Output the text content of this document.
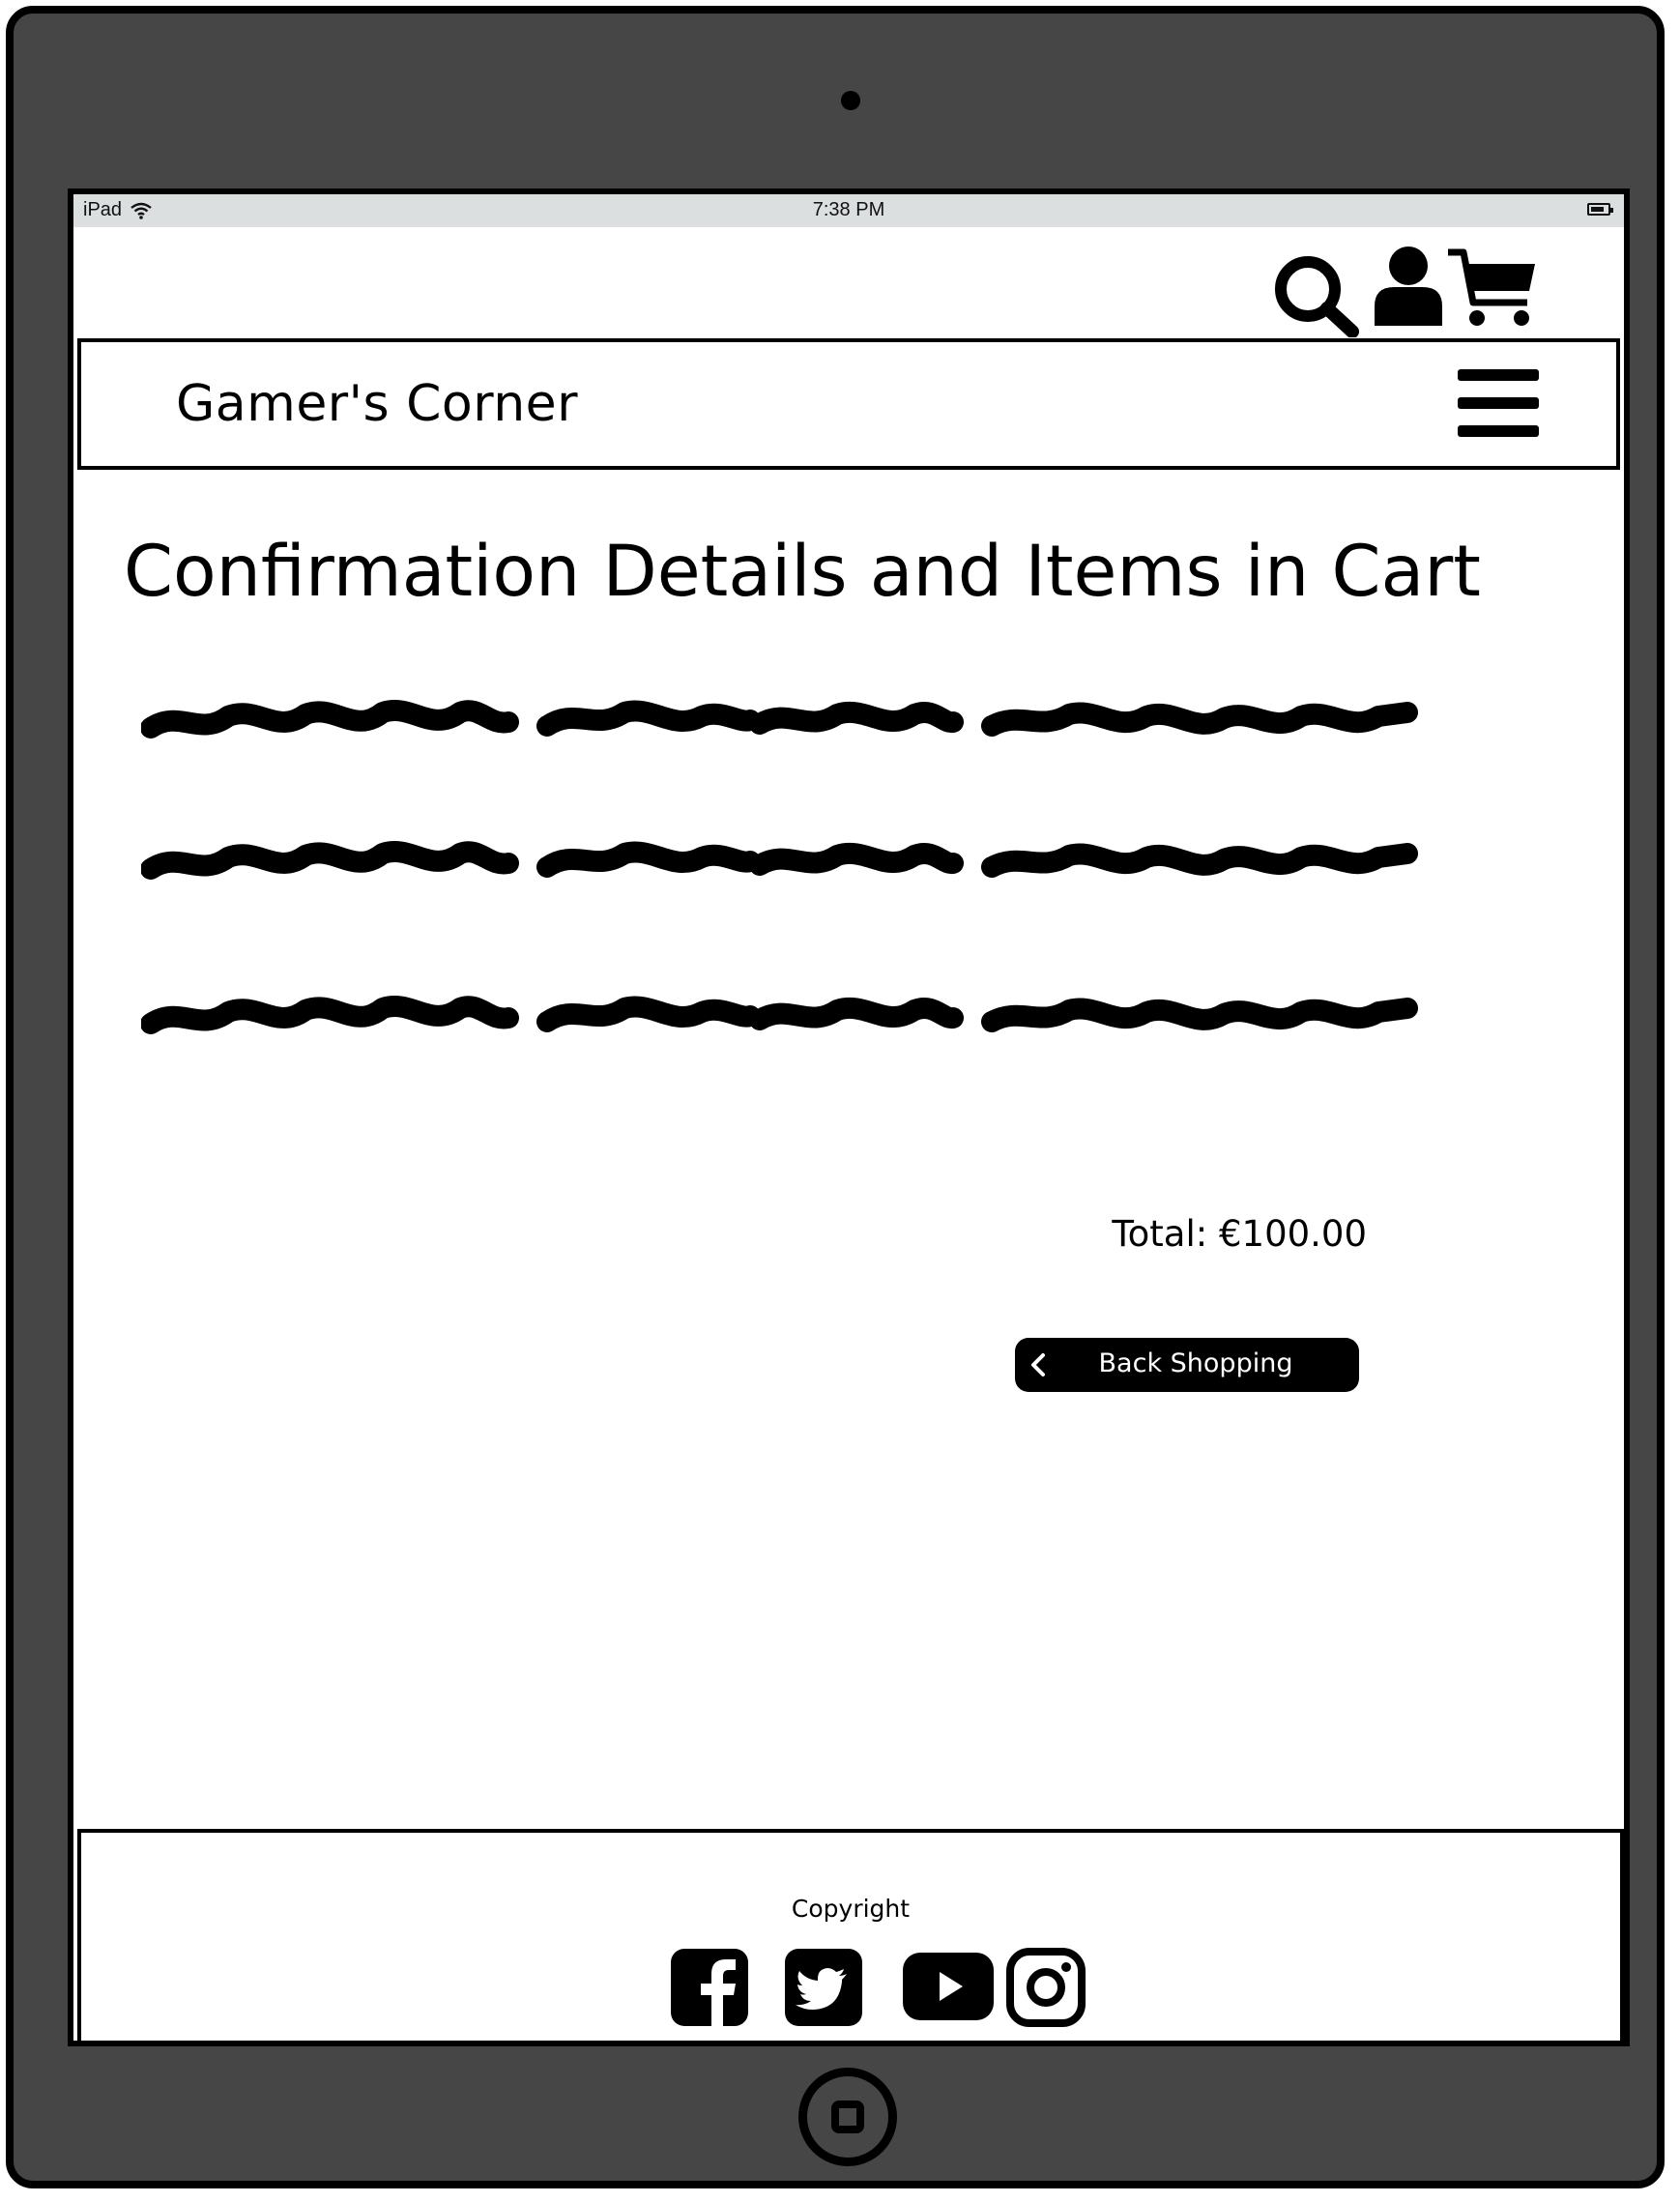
iPad	7:38 PM
Gamer's Corner
Confirmation Details and Items in Cart
Total: €100.00
Back Shopping
Copyright
